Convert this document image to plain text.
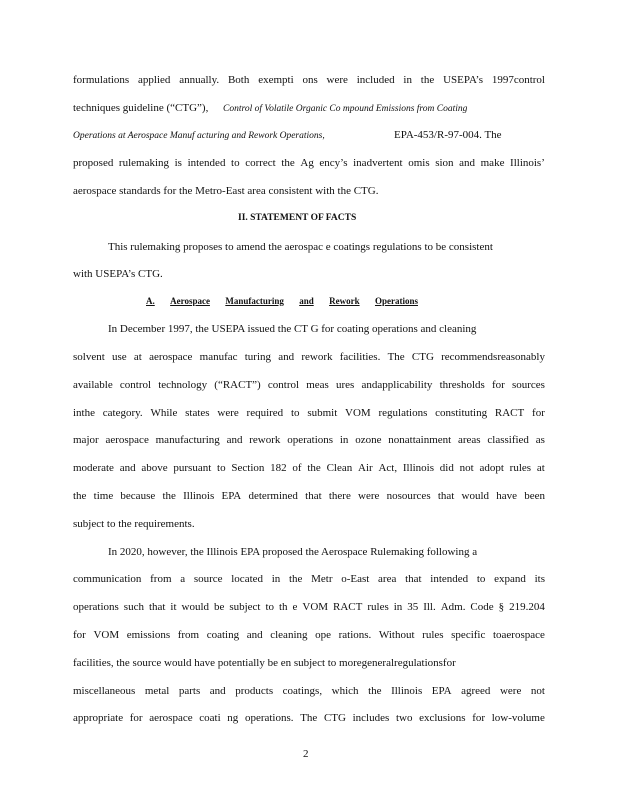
formulations applied annually. Both exempti ons were included in the USEPA’s 1997control
techniques guideline (“CTG”), Control of Volatile Organic Co mpound Emissions from Coating
Operations at Aerospace Manuf acturing and Rework Operations,	EPA-453/R-97-004. The
proposed rulemaking is intended to correct the Ag ency’s inadvertent omis sion and make Illinois’
aerospace standards for the Metro-East area consistent with the CTG.
II. STATEMENT OF FACTS
This rulemaking proposes to amend the aerospac e coatings regulations to be consistent
with USEPA’s CTG.
A. Aerospace Manufacturing and Rework Operations
In December 1997, the USEPA issued the CT G for coating operations and cleaning
solvent use at aerospace manufac turing and rework facilities. The CTG recommendsreasonably
available control technology (“RACT”) control meas ures andapplicability thresholds for sources
inthe category. While states were required to submit VOM regulations constituting RACT for
major aerospace manufacturing and rework operations in ozone nonattainment areas classified as
moderate and above pursuant to Section 182 of the Clean Air Act, Illinois did not adopt rules at
the time because the Illinois EPA determined that there were nosources that would have been
subject to the requirements.
In 2020, however, the Illinois EPA proposed the Aerospace Rulemaking following a
communication from a source located in the Metr o-East area that intended to expand its
operations such that it would be subject to th e VOM RACT rules in 35 Ill. Adm. Code § 219.204
for VOM emissions from coating and cleaning ope rations. Without rules specific toaerospace
facilities, the source would have potentially be en subject to moregeneralregulationsfor
miscellaneous metal parts and products coatings, which the Illinois EPA agreed were not
appropriate for aerospace coati ng operations. The CTG includes two exclusions for low-volume
2
